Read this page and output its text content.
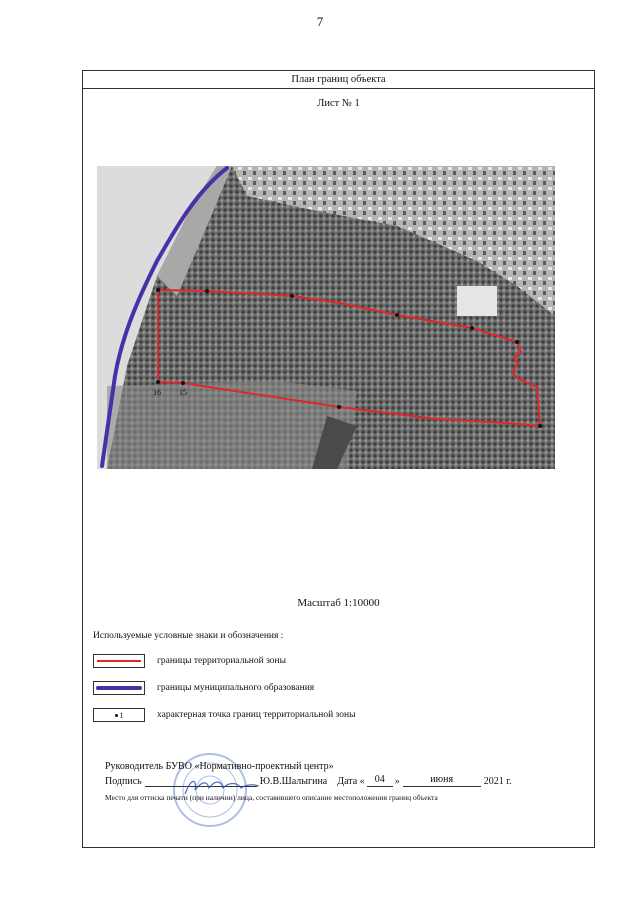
7
План границ объекта
Лист № 1
16 15
Масштаб 1:10000
Используемые условные знаки и обозначения :
границы территориальной зоны
границы муниципального образования
1	характерная точка границ территориальной зоны
Руководитель БУВО «Нормативно-проектный центр»
Подпись	Ю.В.Шалыгина Дата «	04	»	июня	2021 г.
Место для оттиска печати (при наличии) лица, составившего описание местоположения границ объекта
